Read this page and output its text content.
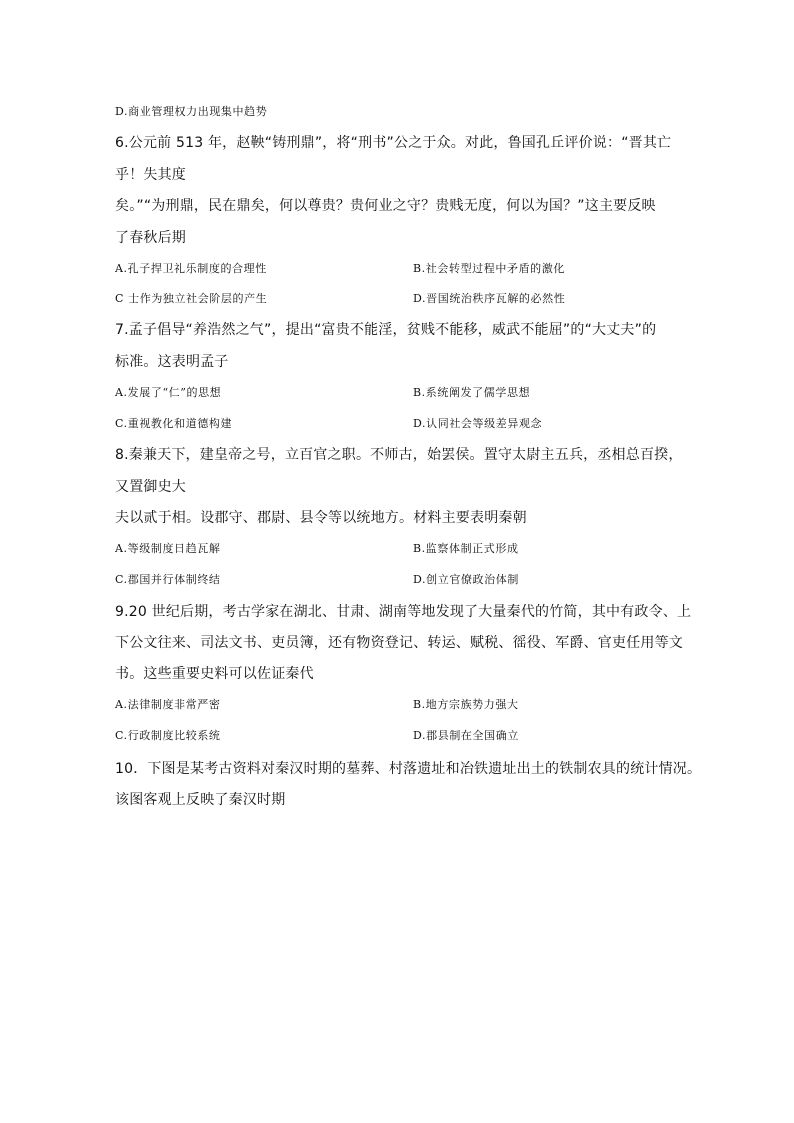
D.商业管理权力出现集中趋势
6.公元前 513 年，赵鞅“铸刑鼎”，将“刑书”公之于众。对此，鲁国孔丘评价说：“晋其亡
乎！失其度
矣。”“为刑鼎，民在鼎矣，何以尊贵？贵何业之守？贵贱无度，何以为国？”这主要反映
了春秋后期
A.孔子捍卫礼乐制度的合理性	B.社会转型过程中矛盾的激化
C 士作为独立社会阶层的产生	D.晋国统治秩序瓦解的必然性
7.孟子倡导“养浩然之气”，提出“富贵不能淫，贫贱不能移，威武不能屈”的“大丈夫”的
标准。这表明孟子
A.发展了“仁”的思想	B.系统阐发了儒学思想
C.重视教化和道德构建	D.认同社会等级差异观念
8.秦兼天下，建皇帝之号，立百官之职。不师古，始罢侯。置守太尉主五兵，丞相总百揆，
又置御史大
夫以贰于相。设郡守、郡尉、县令等以统地方。材料主要表明秦朝
A.等级制度日趋瓦解	B.监察体制正式形成
C.郡国并行体制终结	D.创立官僚政治体制
9.20 世纪后期，考古学家在湖北、甘肃、湖南等地发现了大量秦代的竹简，其中有政令、上
下公文往来、司法文书、吏员簿，还有物资登记、转运、赋税、徭役、军爵、官吏任用等文
书。这些重要史料可以佐证秦代
A.法律制度非常严密	B.地方宗族势力强大
C.行政制度比较系统	D.郡县制在全国确立
10．下图是某考古资料对秦汉时期的墓葬、村落遗址和冶铁遗址出土的铁制农具的统计情况。
该图客观上反映了秦汉时期
